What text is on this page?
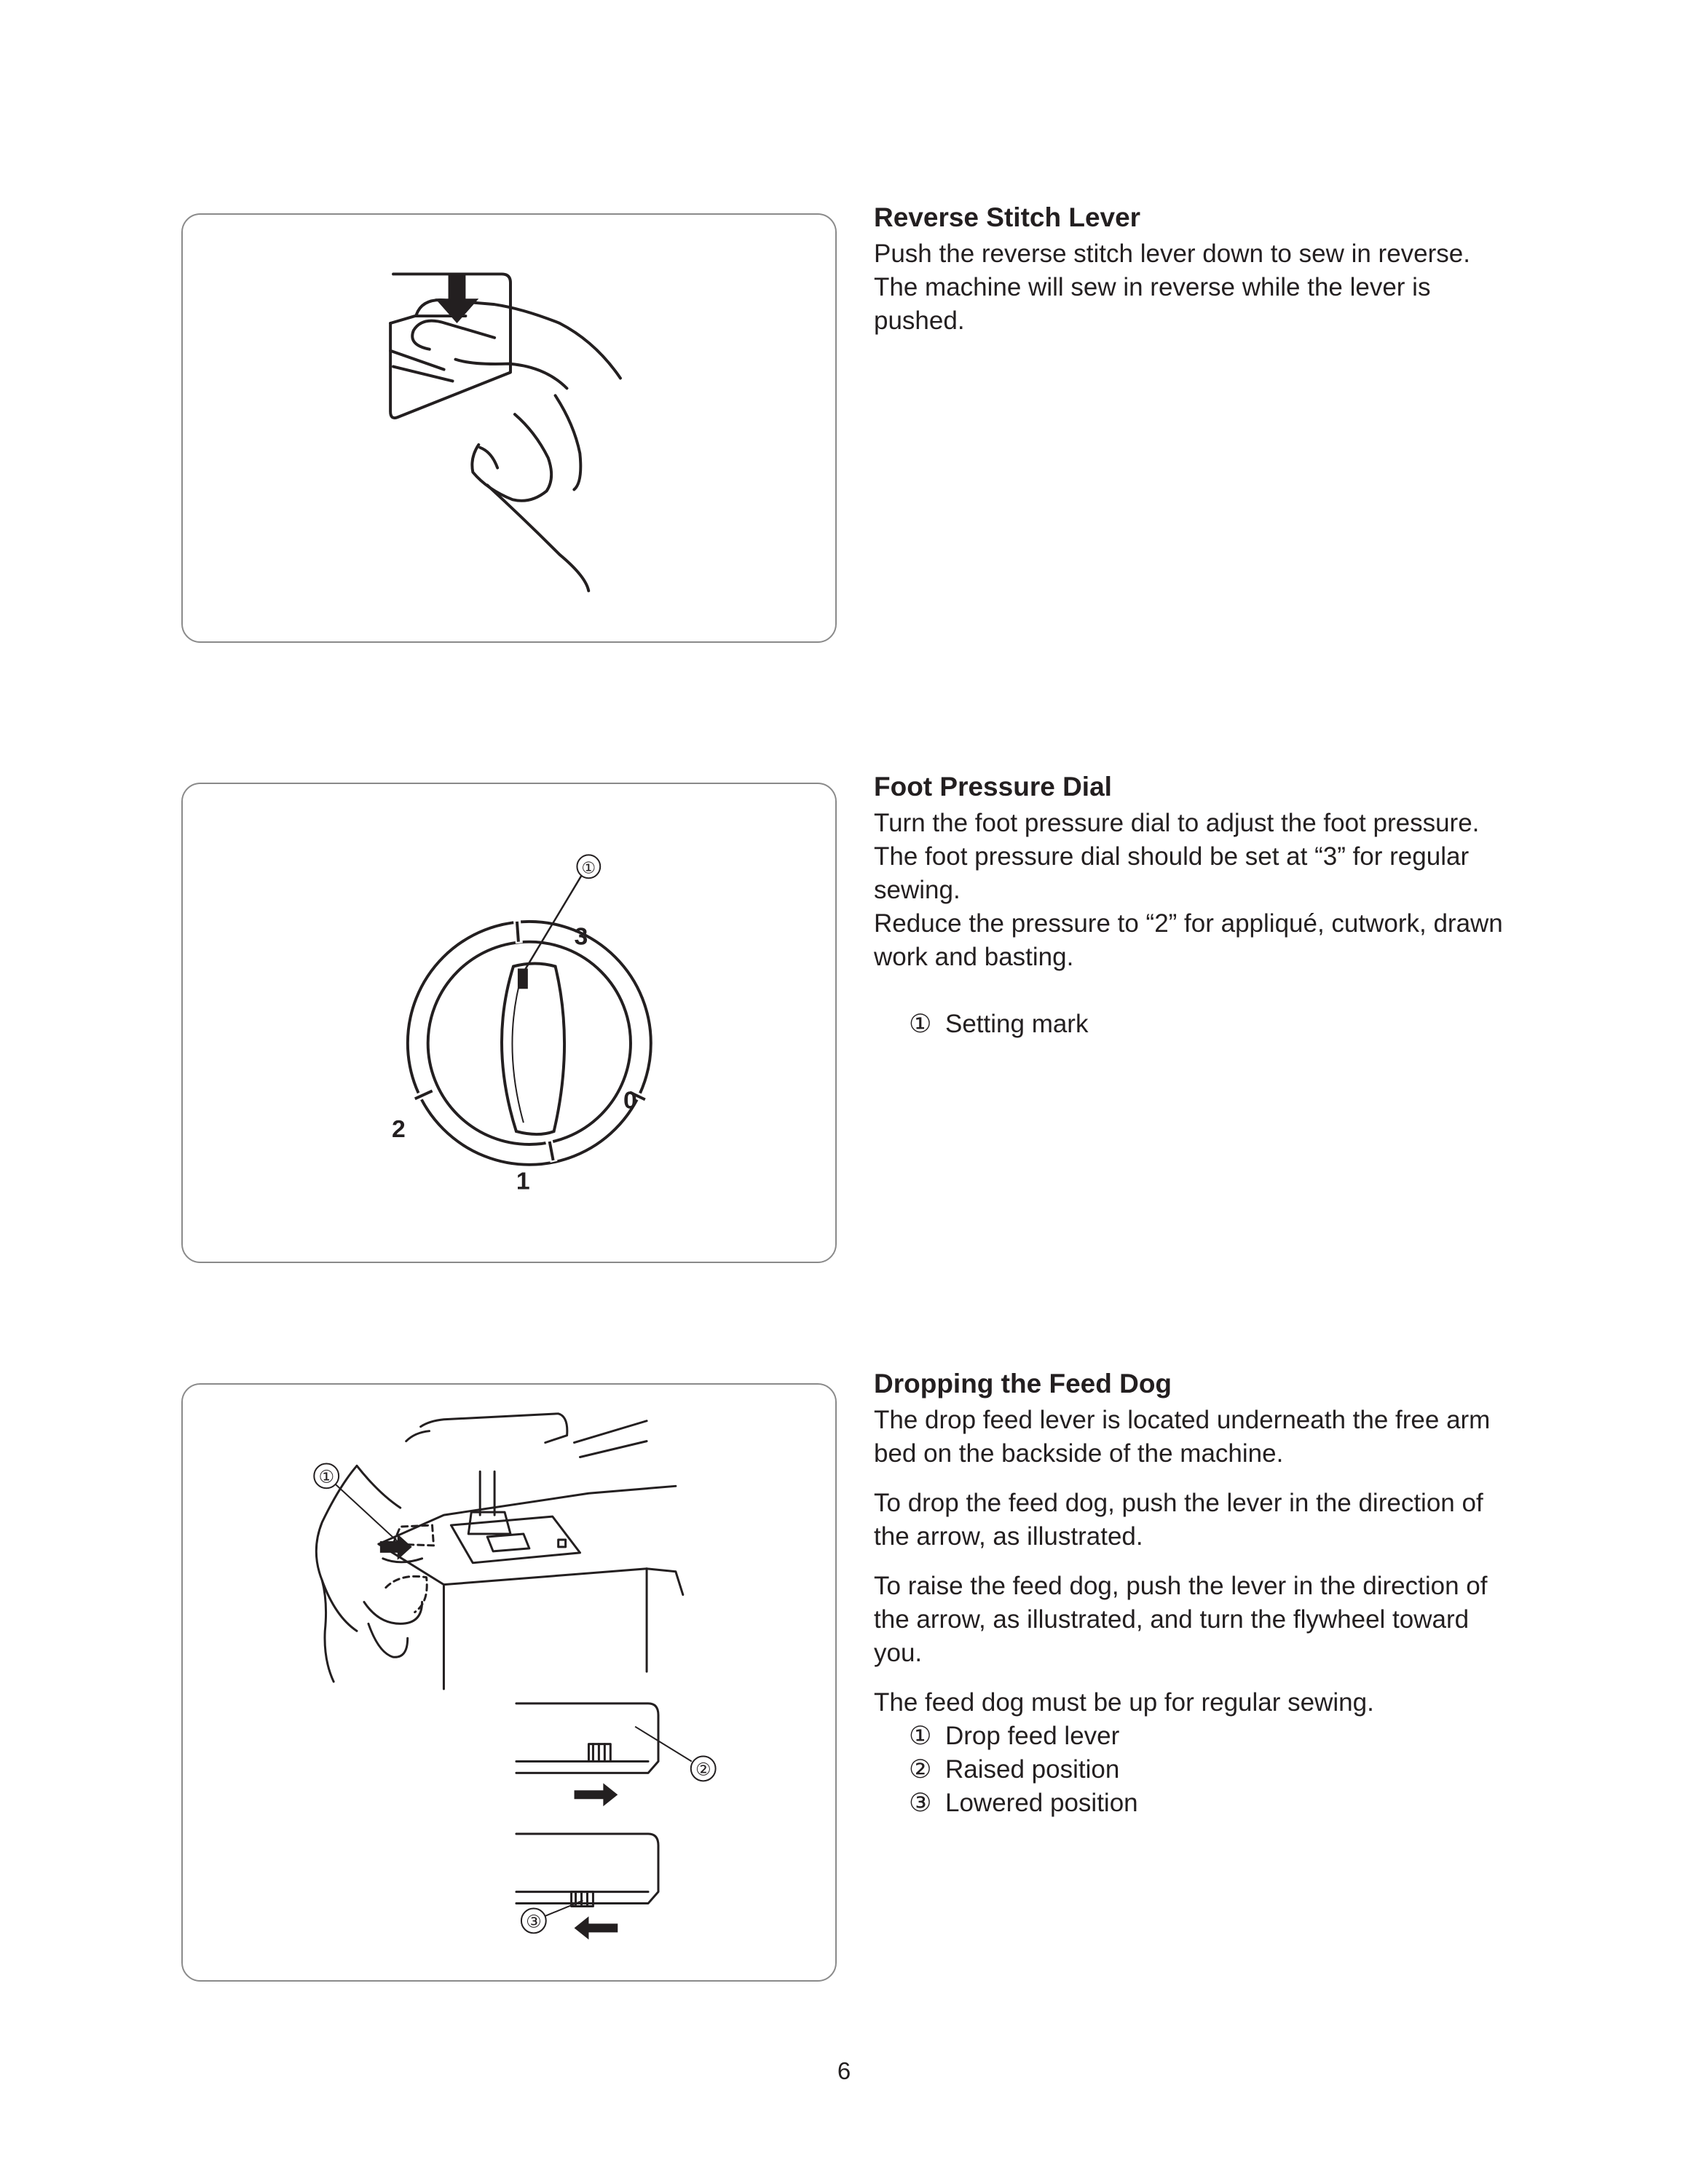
Reverse Stitch Lever

Push the reverse stitch lever down to sew in reverse.

The machine will sew in reverse while the lever is

pushed.

①
3
0
1
2
Foot Pressure Dial

Turn the foot pressure dial to adjust the foot pressure.

The foot pressure dial should be set at “3” for regular

sewing.

Reduce the pressure to “2” for appliqué, cutwork, drawn

work and basting.

① Setting mark
①
②
③
Dropping the Feed Dog

The drop feed lever is located underneath the free arm

bed on the backside of the machine.

To drop the feed dog, push the lever in the direction of

the arrow, as illustrated.

To raise the feed dog, push the lever in the direction of

the arrow, as illustrated, and turn the flywheel toward

you.

The feed dog must be up for regular sewing.

① Drop feed lever
② Raised position
③ Lowered position
6
